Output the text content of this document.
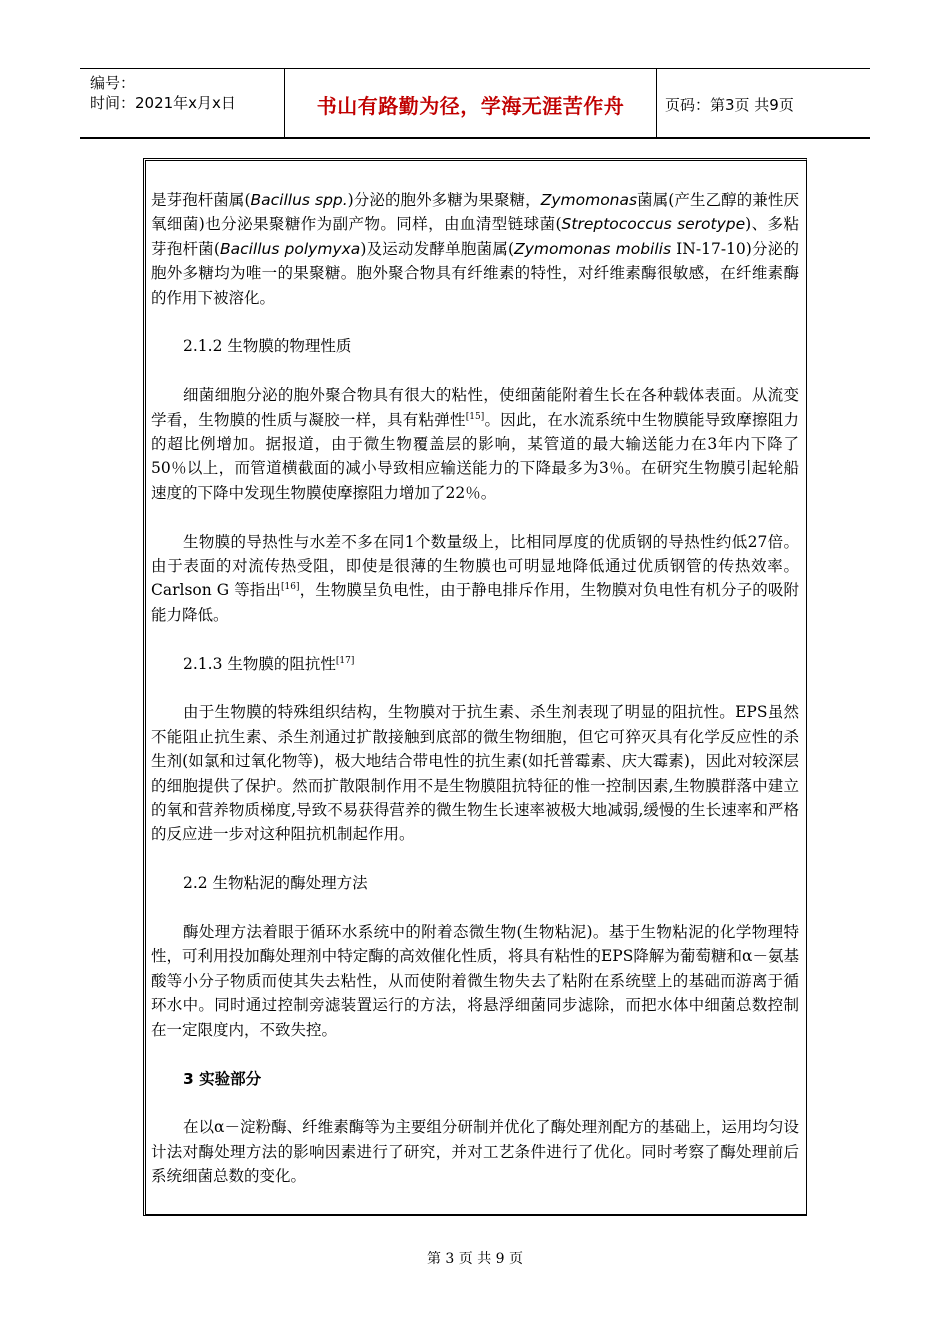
编号：
时间：2021年x月x日	书山有路勤为径，学海无涯苦作舟	页码：第3页 共9页

是芽孢杆菌属(Bacillus spp.)分泌的胞外多糖为果聚糖，Zymomonas菌属(产生乙醇的兼性厌氧细菌)也分泌果聚糖作为副产物。同样，由血清型链球菌(Streptococcus serotype)、多粘芽孢杆菌(Bacillus polymyxa)及运动发酵单胞菌属(Zymomonas mobilis IN-17-10)分泌的胞外多糖均为唯一的果聚糖。胞外聚合物具有纤维素的特性，对纤维素酶很敏感，在纤维素酶的作用下被溶化。

2.1.2 生物膜的物理性质

细菌细胞分泌的胞外聚合物具有很大的粘性，使细菌能附着生长在各种载体表面。从流变学看，生物膜的性质与凝胶一样，具有粘弹性[15]。因此，在水流系统中生物膜能导致摩擦阻力的超比例增加。据报道，由于微生物覆盖层的影响，某管道的最大输送能力在3年内下降了50％以上，而管道横截面的减小导致相应输送能力的下降最多为3％。在研究生物膜引起轮船速度的下降中发现生物膜使摩擦阻力增加了22％。

生物膜的导热性与水差不多在同1个数量级上，比相同厚度的优质钢的导热性约低27倍。由于表面的对流传热受阻，即使是很薄的生物膜也可明显地降低通过优质钢管的传热效率。Carlson G 等指出[16]，生物膜呈负电性，由于静电排斥作用，生物膜对负电性有机分子的吸附能力降低。

2.1.3 生物膜的阻抗性[17]

由于生物膜的特殊组织结构，生物膜对于抗生素、杀生剂表现了明显的阻抗性。EPS虽然不能阻止抗生素、杀生剂通过扩散接触到底部的微生物细胞，但它可猝灭具有化学反应性的杀生剂(如氯和过氧化物等)，极大地结合带电性的抗生素(如托普霉素、庆大霉素)，因此对较深层的细胞提供了保护。然而扩散限制作用不是生物膜阻抗特征的惟一控制因素,生物膜群落中建立的氧和营养物质梯度,导致不易获得营养的微生物生长速率被极大地减弱,缓慢的生长速率和严格的反应进一步对这种阻抗机制起作用。

2.2 生物粘泥的酶处理方法

酶处理方法着眼于循环水系统中的附着态微生物(生物粘泥)。基于生物粘泥的化学物理特性，可利用投加酶处理剂中特定酶的高效催化性质，将具有粘性的EPS降解为葡萄糖和α－氨基酸等小分子物质而使其失去粘性，从而使附着微生物失去了粘附在系统壁上的基础而游离于循环水中。同时通过控制旁滤装置运行的方法，将悬浮细菌同步滤除，而把水体中细菌总数控制在一定限度内，不致失控。

3 实验部分

在以α－淀粉酶、纤维素酶等为主要组分研制并优化了酶处理剂配方的基础上，运用均匀设计法对酶处理方法的影响因素进行了研究，并对工艺条件进行了优化。同时考察了酶处理前后系统细菌总数的变化。

第 3 页 共 9 页
